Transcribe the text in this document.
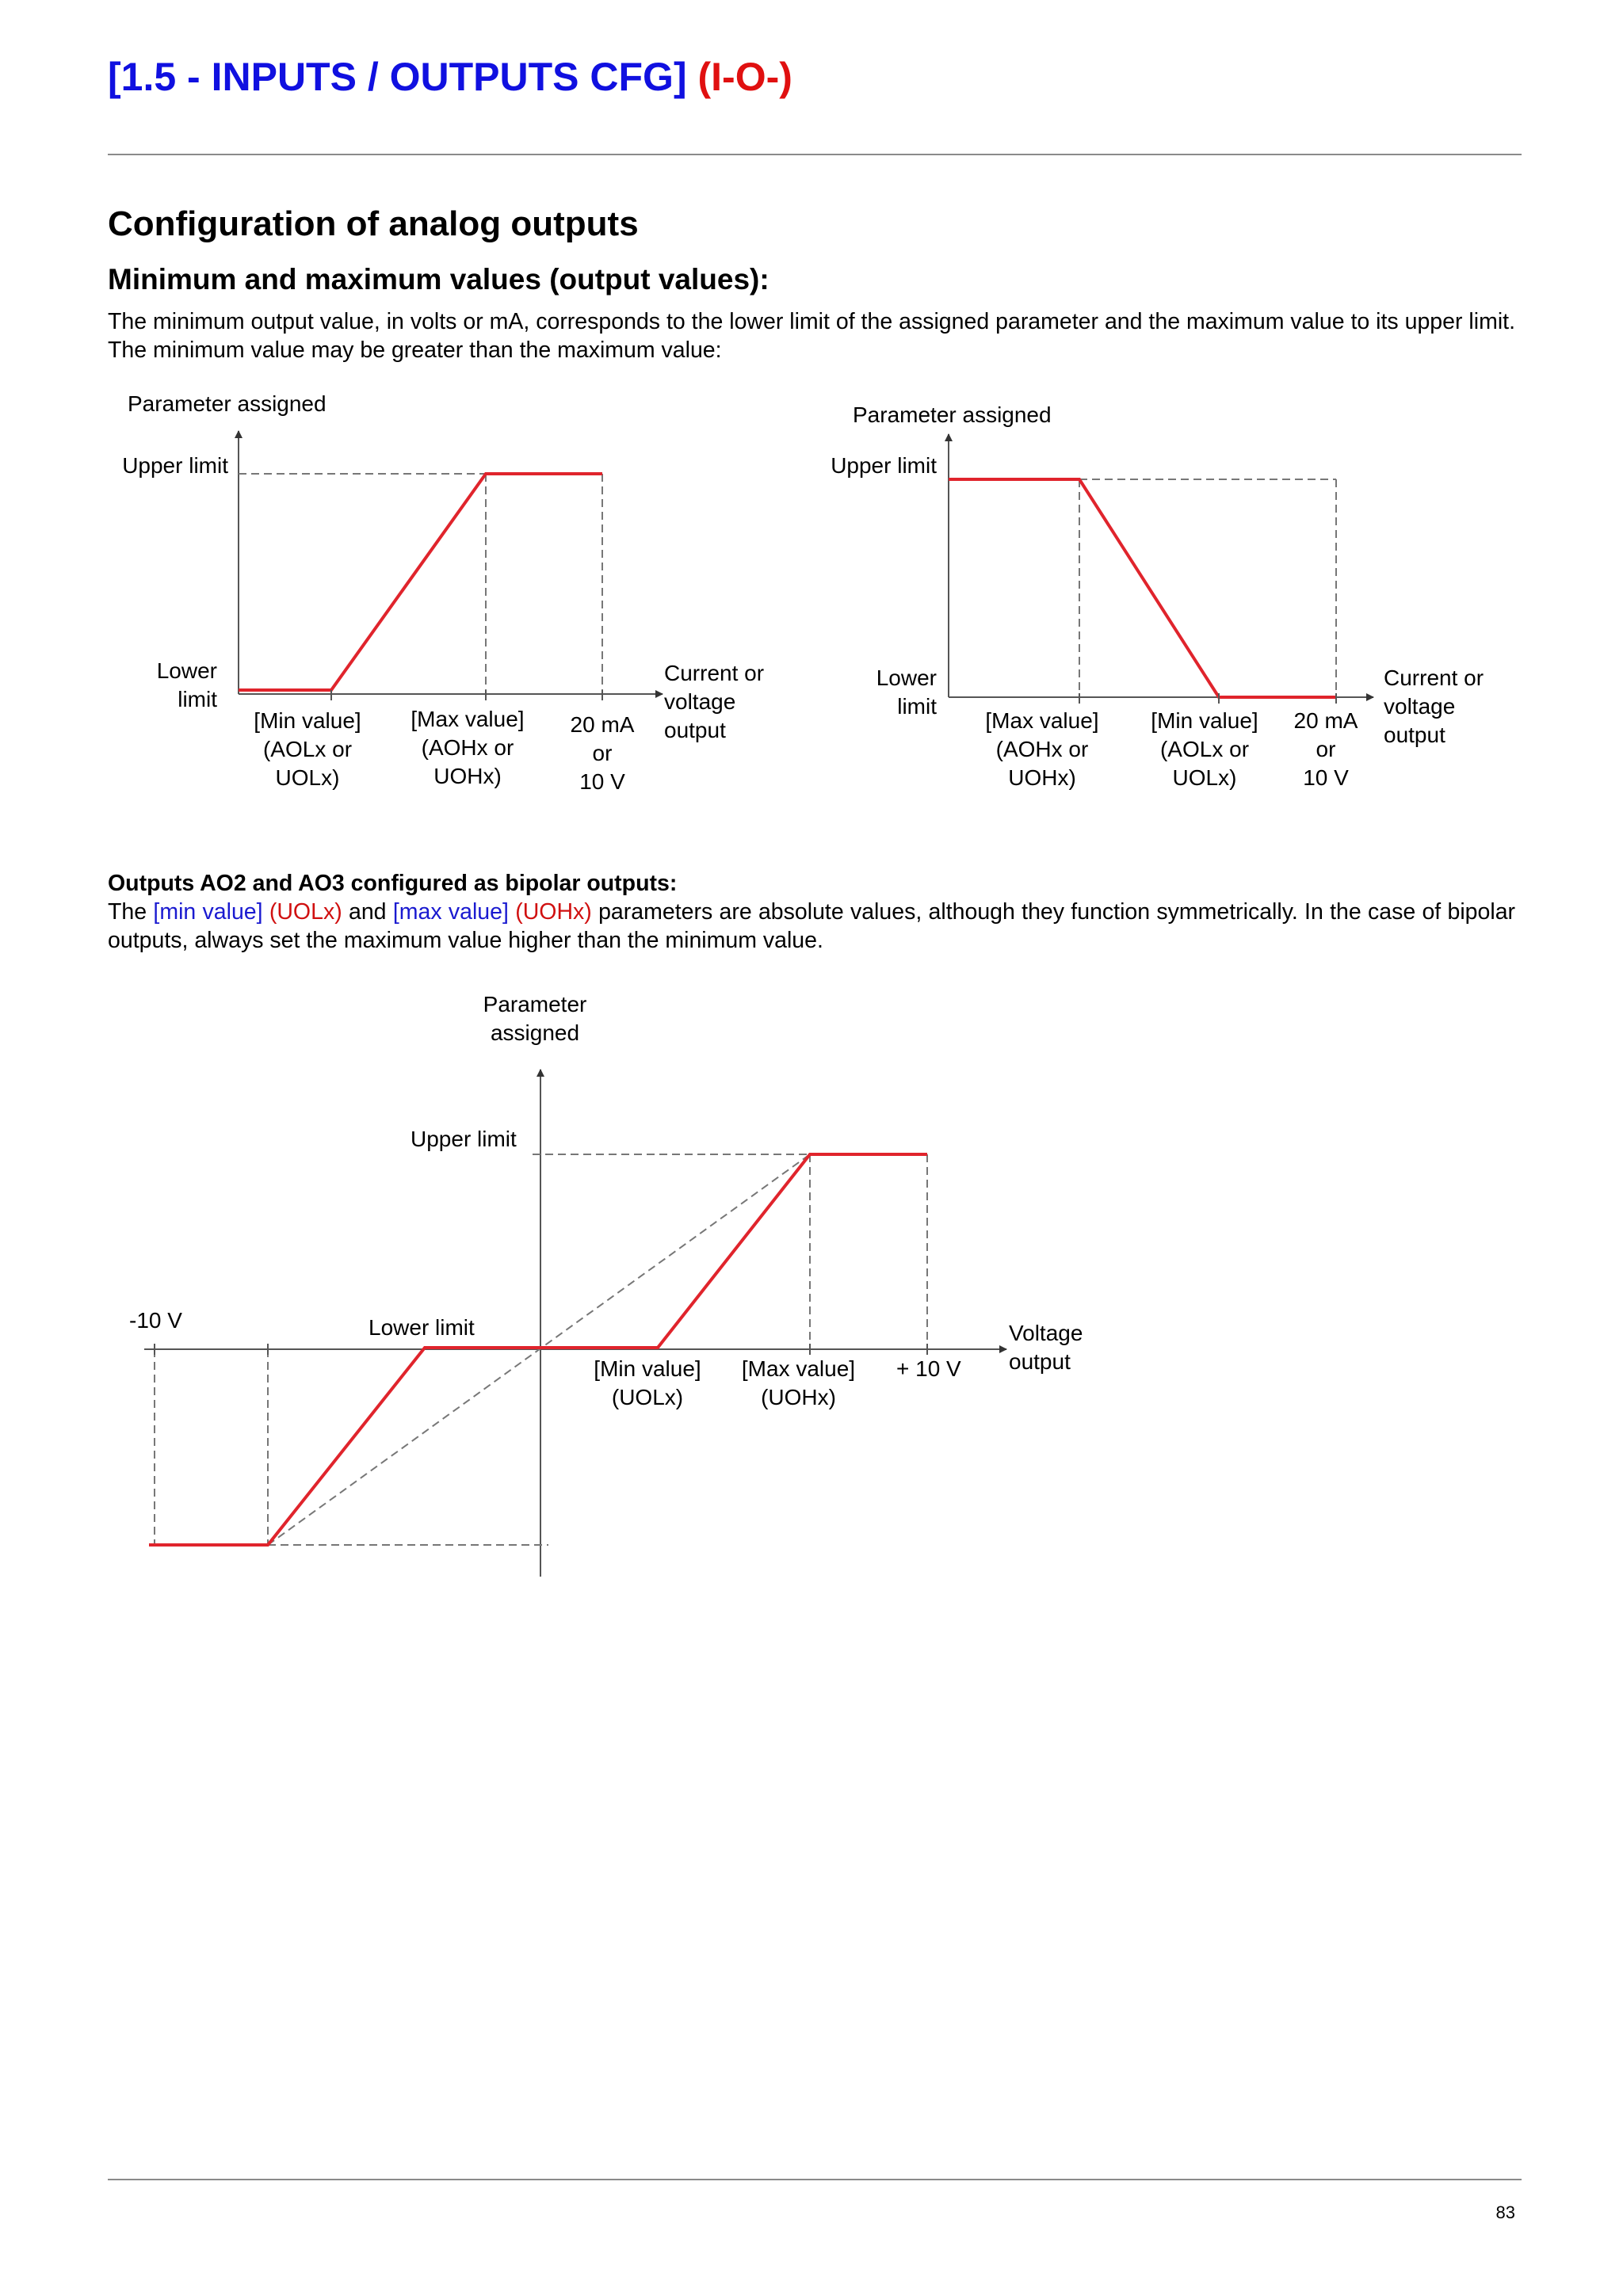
[1.5 - INPUTS / OUTPUTS CFG] (I-O-)
Configuration of analog outputs
Minimum and maximum values (output values):
The minimum output value, in volts or mA, corresponds to the lower limit of the assigned parameter and the maximum value to its upper limit. The minimum value may be greater than the maximum value:
Parameter assigned
Upper limit
Lower
limit
[Min value]
(AOLx or
UOLx)
[Max value]
(AOHx or
UOHx)
20 mA
or
10 V
Current or
voltage
output
Parameter assigned
Upper limit
Lower
limit
[Max value]
(AOHx or
UOHx)
[Min value]
(AOLx or
UOLx)
20 mA
or
10 V
Current or
voltage
output
Outputs AO2 and AO3 configured as bipolar outputs:
The [min value] (UOLx) and [max value] (UOHx) parameters are absolute values, although they function symmetrically. In the case of bipolar outputs, always set the maximum value higher than the minimum value.
Parameter
assigned
Upper limit
Lower limit
-10 V
[Min value]
(UOLx)
[Max value]
(UOHx)
+ 10 V
Voltage
output
83
